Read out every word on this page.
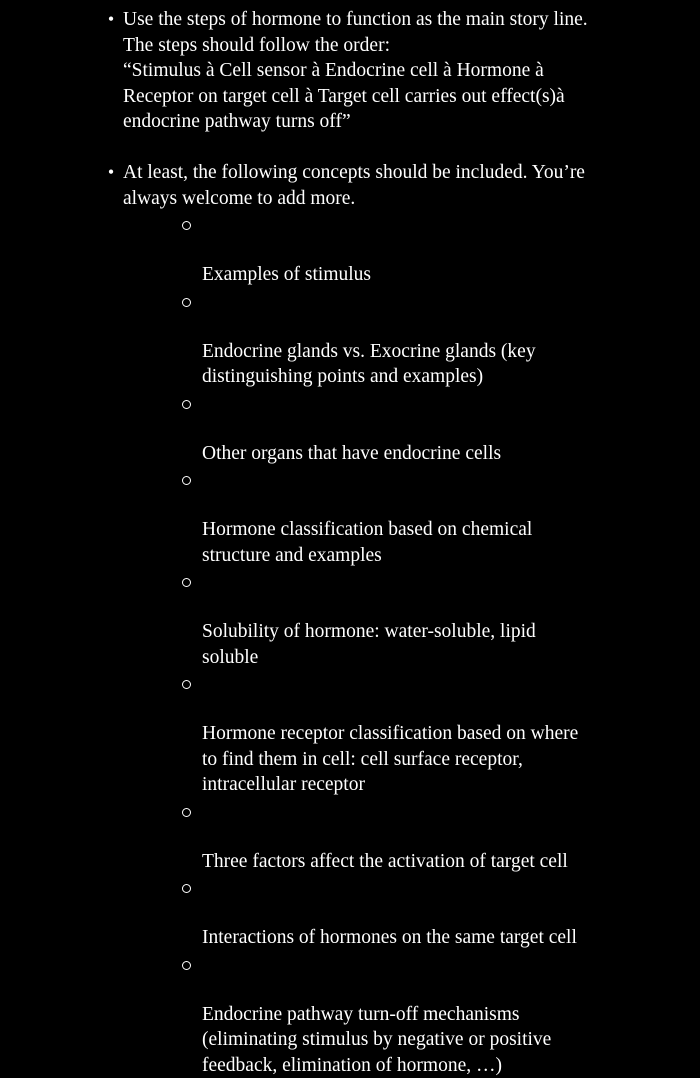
• Use the steps of hormone to function as the main story line.
The steps should follow the order:
“Stimulus à Cell sensor à Endocrine cell à Hormone à
Receptor on target cell à Target cell carries out effect(s)à
endocrine pathway turns off”
• At least, the following concepts should be included. You’re
always welcome to add more.

Examples of stimulus

Endocrine glands vs. Exocrine glands (key
distinguishing points and examples)

Other organs that have endocrine cells

Hormone classification based on chemical
structure and examples

Solubility of hormone: water-soluble, lipid
soluble

Hormone receptor classification based on where
to find them in cell: cell surface receptor,
intracellular receptor

Three factors affect the activation of target cell

Interactions of hormones on the same target cell

Endocrine pathway turn-off mechanisms
(eliminating stimulus by negative or positive
feedback, elimination of hormone, …)
